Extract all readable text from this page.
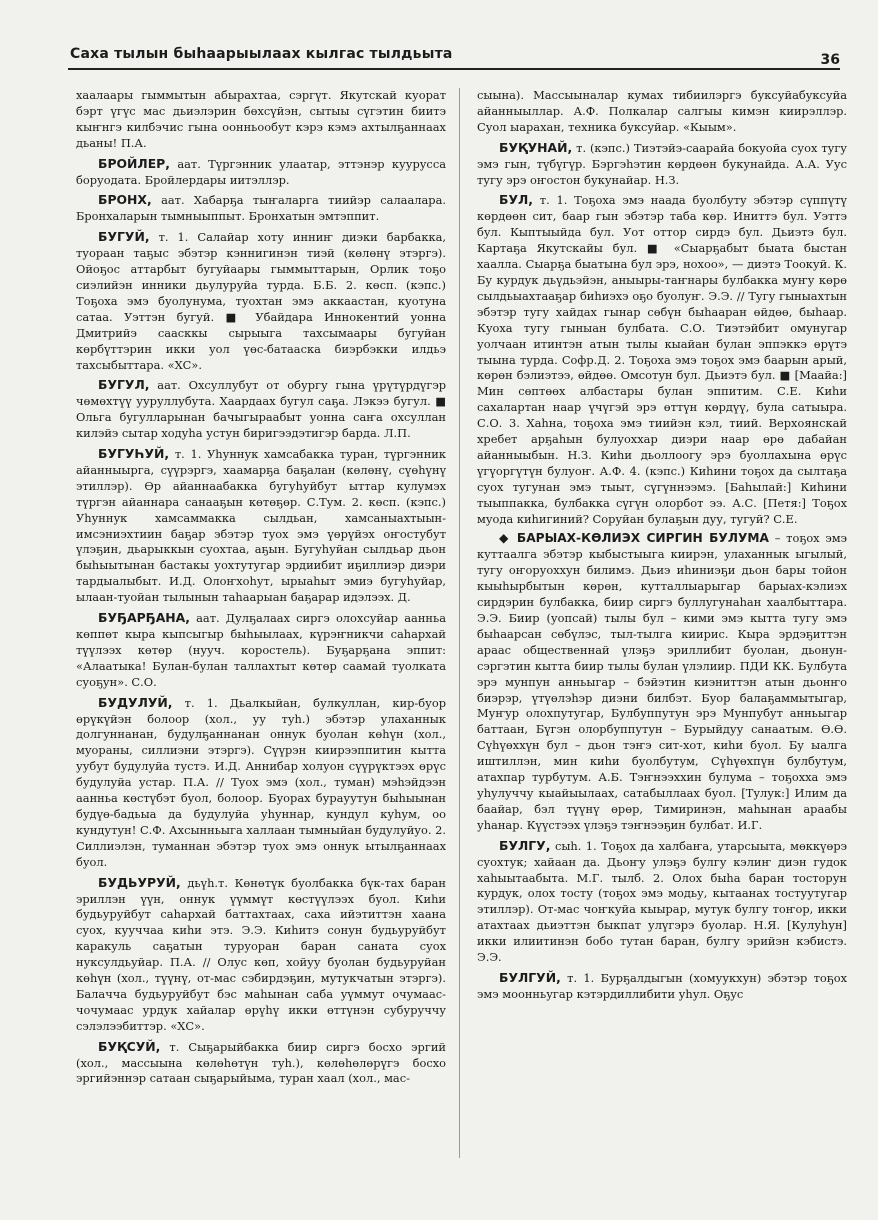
Саха тылын быһаарыылаах кылгас тылдьыта	36

хаалаары гыммытын абырахтаа, сэргүт. Якутскай куорат бэрт үгүс мас дьиэлэрин бөхсүйэн, сытыы сүгэтин биитэ кыҥнгэ килбэчис гына оонньообут кэрэ кэмэ ахтылҕаннаах дьаны! П.А.

БРОЙЛЕР, аат. Түргэнник улаатар, эттэнэр куурусса боруодата. Бройлердары иитэллэр.

БРОНХ, аат. Хабарҕа тыҥаларга тиийэр салаалара. Бронхаларын тымныыппыт. Бронхатын эмтэппит.

БУГУЙ, т. 1. Салайар хоту инниҥ диэки барбакка, туораан таҕыс эбэтэр кэннигинэн тиэй (көлөнү этэргэ). Ойоҕос аттарбыт бугуйаары гыммыттарын, Орлик тоҕо сиэлийэн инники дьулуруйа турда. Б.Б. 2. көсп. (кэпс.) Тоҕоха эмэ буолунума, туохтан эмэ аккаастан, куотуна сатаа. Уэттэн бугуй. ■ Убайдара Иннокентий уонна Дмитрийэ саасккы сырыыга тахсымаары бугуйан көрбүттэрин икки уол үөс-батааска биэрбэкки илдьэ тахсыбыттара. «ХС».

БУГУЛ, аат. Охсуллубут от обургу гына үрүтүрдүгэр чөмөхтүү ууруллубута. Хаардаах бугул саҕа. Лэкээ бугул. ■ Ольга бугулларынан бачыгыраабыт уонна саҥа охсуллан килэйэ сытар ходуһа устун биригээдэтигэр барда. Л.П.

БУГУҺУЙ, т. 1. Уһуннук хамсабакка туран, түргэнник айанныырга, сүүрэргэ, хаамарҕа баҕалан (көлөнү, сүөһүнү этиллэр). Өр айаннаабакка бугуһуйбут ыттар кулумэх түргэн айаннара санааҕын көтөҕөр. С.Тум. 2. көсп. (кэпс.) Уһуннук хамсаммакка сылдьан, хамсаныахтыын-имсэниэхтиин баҕар эбэтэр туох эмэ үөрүйэх оҥостубут үлэҕин, дьарыккын суохтаа, аҕын. Бугуһуйан сылдьар дьон быһыытынан бастакы уохтутугар эрдиибит иҕиллиэр диэри тардыалыбыт. И.Д. Олоҥхоһут, ырыаһыт эмиэ бугуһуйар, ылаан-туойан тылынын таһаарыан баҕарар идэлээх. Д.

БУҔАРҔАНА, аат. Дулҕалаах сиргэ олохсуйар аанньа көппөт кыра кыпсыгыр быһыылаах, күрэҥникчи саһархай түүлээх көтөр (нууч. коростель). Буҕарҕана эппит: «Алаатыка! Булан-булан таллахтыт көтөр саамай туолката суоҕун». С.О.

БУДУЛУЙ, т. 1. Дьалкыйан, булкуллан, кир-буор өрүкүйэн болоор (хол., уу туһ.) эбэтэр улаханнык долгуннанан, будулҕаннанан оннук буолан көһүн (хол., муораны, силлиэни этэргэ). Сүүрэн киирээппитин кытта уубут будулуйа тустэ. И.Д. Аннибар холуон сүүрүктээх өрүс будулуйа устар. П.А. // Туох эмэ (хол., туман) мэһэйдээн аанньа көстүбэт буол, болоор. Буорах бурауутун быһыынан будүө-бадьыа да будулуйа уһуннар, кундул куһум, оо кундутун! С.Ф. Ахсынньыга халлаан тымныйан будулуйуо. 2. Силлиэлэн, туманнан эбэтэр туох эмэ оннук ытылҕаннаах буол.

БУДЬУРУЙ, дьүһ.т. Көнөтүк буолбакка бүк-тах баран эриллэн үүн, оннук үүммүт көстүүлээх буол. Киһи будьуруйбут саһархай баттахтаах, саха ийэтиттэн хаана суох, кууччaa киһи этэ. Э.Э. Киһитэ сонун будьуруйбут каракуль саҕатын туруоран баран саната суох нуксулдьуйар. П.А. // Олус көп, хойуу буолан будьуруйан көһүн (хол., түүнү, от-мас сэбирдэҕин, мутукчатын этэргэ). Балачча будьуруйбут бэс маһынан саба уүммут очумаас-чочумаас урдук хайалар өрүһү икки өттүнэн субуруччу сэлэлээбиттэр. «ХС».

БУҚСУЙ, т. Сыҕарыйбакка биир сиргэ босхо эргий (хол., массыына көлөһөтүн туһ.), көлөһөлөрүгэ босхо эргийэннэр сатаан сыҕарыйыма, туран хаал (хол., мас-

сыына). Массыыналар кумах тибиилэргэ буксуйабуксуйа айанныыллар. А.Ф. Полкалар салгыы кимэн киирэллэр. Суол ыарахан, техника буксуйар. «Кыым».

БУҚУНАЙ, т. (кэпс.) Тиэтэйэ-саарайа бокуойа суох тугу эмэ гын, түбүгүр. Бэргэһэтин көрдөөн букунайда. А.А. Уус тугу эрэ оҥостон букунайар. Н.З.

БУЛ, т. 1. Тоҕоха эмэ наада буолбуту эбэтэр сүппүтү көрдөөн сит, баар гын эбэтэр таба көр. Иниттэ бул. Уэттэ бул. Кыптыыйда бул. Уот оттор сирдэ бул. Дьиэтэ бул. Картаҕа Якутскайы бул. ■ «Сыарҕабыт быата быстан хаалла. Сыарҕа быатына бул эрэ, нохоо», — диэтэ Тоокуй. К. Бу курдук дьүдьэйэн, аныыры-таҥнары булбакка муҥу көрө сылдьыахтааҕар биһиэхэ оҕо буолуҥ. Э.Э. // Тугу гыныахтын эбэтэр тугу хайдах гынар сөбүн быһааран өйдөө, быһаар. Куоха тугу гыныан булбата. С.О. Тиэтэйбит омунугар уолчаан итинтэн атын тылы кыайан булан эппэккэ өрүтэ тыына турда. Софр.Д. 2. Тоҕоха эмэ тоҕох эмэ баарын арый, көрөн бэлиэтээ, өйдөө. Омсотун бул. Дьиэтэ бул. ■ [Маайа:] Мин сөптөөх албастары булан эппитим. С.Е. Киһи сахалартан наар үчүгэй эрэ өттүн көрдүү, була сатыыра. С.О. 3. Хаһна, тоҕоха эмэ тиийэн кэл, тиий. Верхоянскай хребет арҕаһын булуохxар диэри наар өрө дабайан айанныыбын. Н.З. Киһи дьоллоогу эрэ буоллахына өрүс үгүоргүтүн булуоҥ. А.Ф. 4. (кэпс.) Киһини тоҕох да сылтаҕа суох тугунан эмэ тыыт, сүгүннээмэ. [Баһылай:] Киһини тыыппакка, булбакка сүгүн олорбот ээ. А.С. [Петя:] Тоҕох муода киһигиний? Соруйан булаҕын дуу, тугуй? С.Е.

◆ БАРЫАХ-КӨЛИЭХ СИРГИН БУЛУМА – тоҕох эмэ куттаалга эбэтэр кыбыстыыга киирэн, улаханнык ыгылый, тугу оҥоруохxун билимэ. Дьиэ иһиниэҕи дьон бары тойон кыыһырбытын көрөн, кутталлыарыгар барыах-кэлиэх сирдэрин булбакка, биир сиргэ буллугунаһан хаалбыттара. Э.Э. Биир (уопсай) тылы бул – кими эмэ кытта тугу эмэ быһаарсан сөбүлэс, тыл-тылга киирис. Кыра эрдэҕиттэн араас общественнай үлэҕэ эриллибит буолан, дьонун-сэргэтин кытта биир тылы булан үлэлиир. ПДИ КК. Булбута эрэ мунпун анньыгар – бэйэтин киэниттэн атын дьонҥо биэрэр, үтүөлэһэр диэни билбэт. Буор балаҕаммытыгар, Муҥур олохпутугар, Булбуппутун эрэ Мунпубут анньыгар баттаан, Бүгэн олорбуппутун – Бурыйдуу санаатым. Ө.Ө. Сүһүөххүн бул – дьон тэҥэ сит-хот, киһи буол. Бу ыалга иштиллэн, мин киһи буолбутум, Сүһүөхпүн булбутум, атахпар турбутум. А.Б. Тэҥнээххин булума – тоҕохха эмэ уһулуччу кыайыылаах, сатабыллаах буол. [Тулук:] Илим да баайар, бэл түүнү өрөр, Тимиринэн, маһынан араабы уһанар. Күүстээх үлэҕэ тэҥнээҕин булбат. И.Г.

БУЛГУ, сыһ. 1. Тоҕох да халбаҥа, утарсыыта, мөккүөрэ суохтук; хайаан да. Дьоҥу улэҕэ булгу кэлиҥ диэн гудок хаһыытаабыта. М.Г. тылб. 2. Олох быһа баран тосторун курдук, олох тосту (тоҕох эмэ модьу, кытаанах тостуутугар этиллэр). От-мас чоҥкуйа кыырар, мутук булгу тоҥор, икки атахтаах дьиэттэн быкпат улүгэрэ буолар. Н.Я. [Кулуһун] икки илиитинэн бобо тутан баран, булгу эрийэн кэбистэ. Э.Э.

БУЛГУЙ, т. 1. Бурҕалдыгын (хомуукхун) эбэтэр тоҕох эмэ моонньугар кэтэрдиллибити уһул. Оҕус
